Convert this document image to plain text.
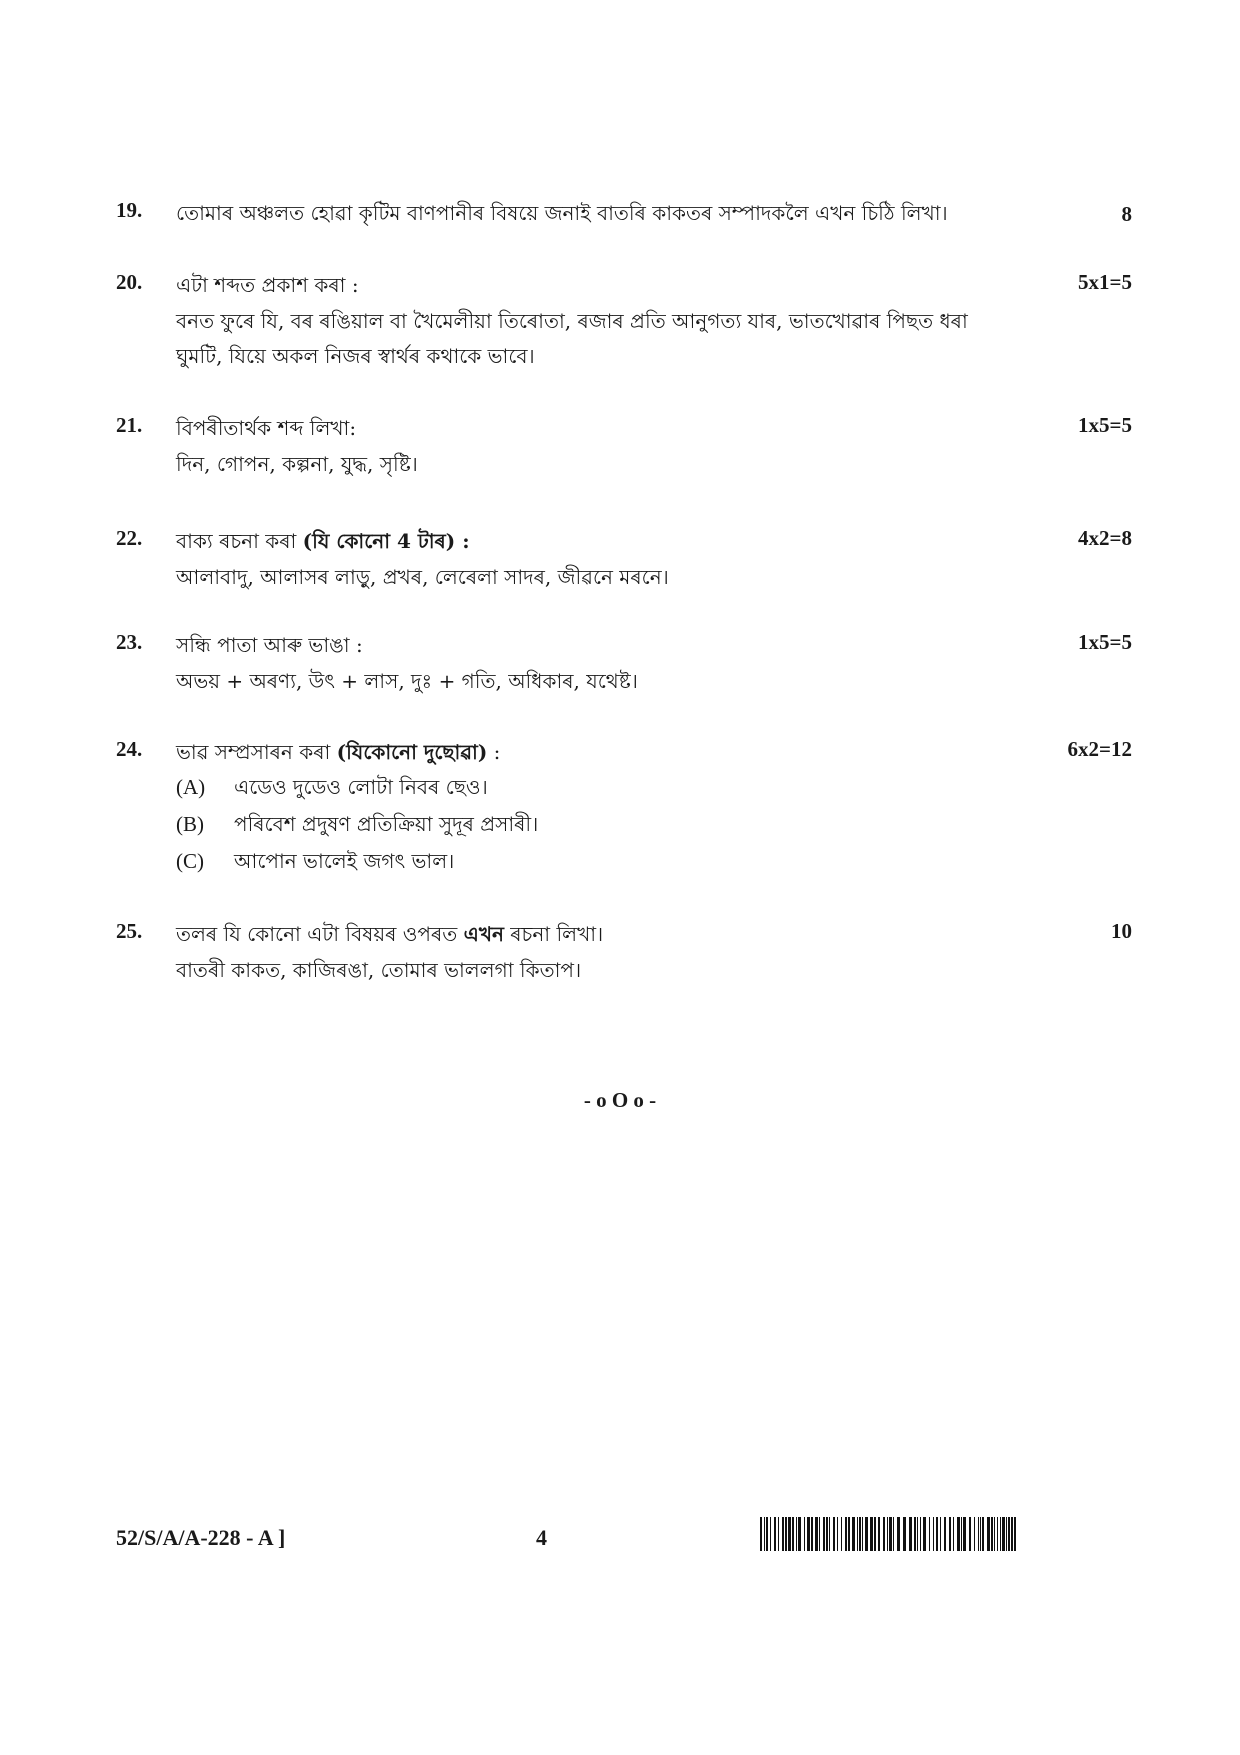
19. তোমাৰ অঞ্চলত হোৱা কৃটিম বাণপানীৰ বিষয়ে জনাই বাতৰি কাকতৰ সম্পাদকলৈ এখন চিঠি লিখা।	8
20. এটা শব্দত প্ৰকাশ কৰা :	5x1=5
বনত ফুৰে যি, বৰ ৰঙিয়াল বা খৈমেলীয়া তিৰোতা, ৰজাৰ প্ৰতি আনুগত্য যাৰ, ভাতখোৱাৰ পিছত ধৰা
ঘুমটি, যিয়ে অকল নিজৰ স্বাৰ্থৰ কথাকে ভাবে।
21. বিপৰীতাৰ্থক শব্দ লিখা:	1x5=5
দিন, গোপন, কল্পনা, যুদ্ধ, সৃষ্টি।
22. বাক্য ৰচনা কৰা (যি কোনো 4 টাৰ) :	4x2=8
আলাবাদু, আলাসৰ লাড়ু, প্ৰখৰ, লেৰেলা সাদৰ, জীৱনে মৰনে।
23. সন্ধি পাতা আৰু ভাঙা :	1x5=5
অভয় + অৰণ্য, উৎ + লাস, দুঃ + গতি, অধিকাৰ, যথেষ্ট।
24. ভাৱ সম্প্ৰসাৰন কৰা (যিকোনো দুছোৱা) :	6x2=12
(A)	এডেও দুডেও লোটা নিবৰ ছেও।
(B)	পৰিবেশ প্ৰদুষণ প্ৰতিক্ৰিয়া সুদূৰ প্ৰসাৰী।
(C)	আপোন ভালেই জগৎ ভাল।
25. তলৰ যি কোনো এটা বিষয়ৰ ওপৰত এখন ৰচনা লিখা।	10
বাতৰী কাকত, কাজিৰঙা, তোমাৰ ভাললগা কিতাপ।
- o O o -
52/S/A/A-228 - A ]	4
